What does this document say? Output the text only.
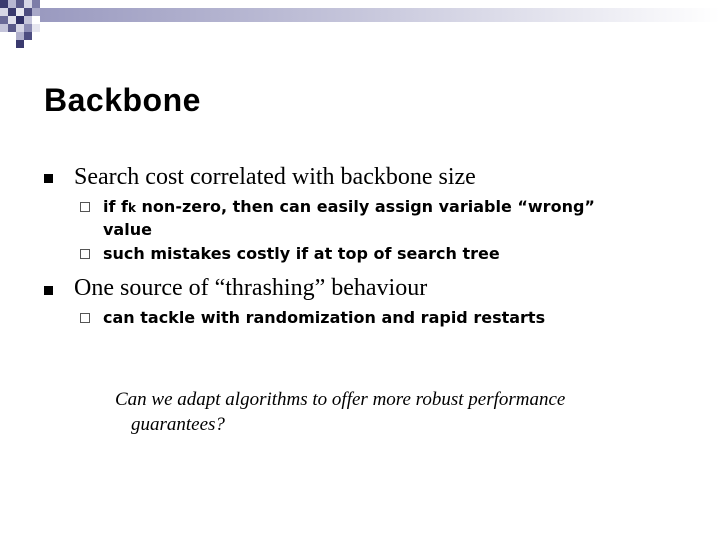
Backbone
Search cost correlated with backbone size
if fk non-zero, then can easily assign variable “wrong” value
such mistakes costly if at top of search tree
One source of “thrashing” behaviour
can tackle with randomization and rapid restarts
Can we adapt algorithms to offer more robust performance
guarantees?
